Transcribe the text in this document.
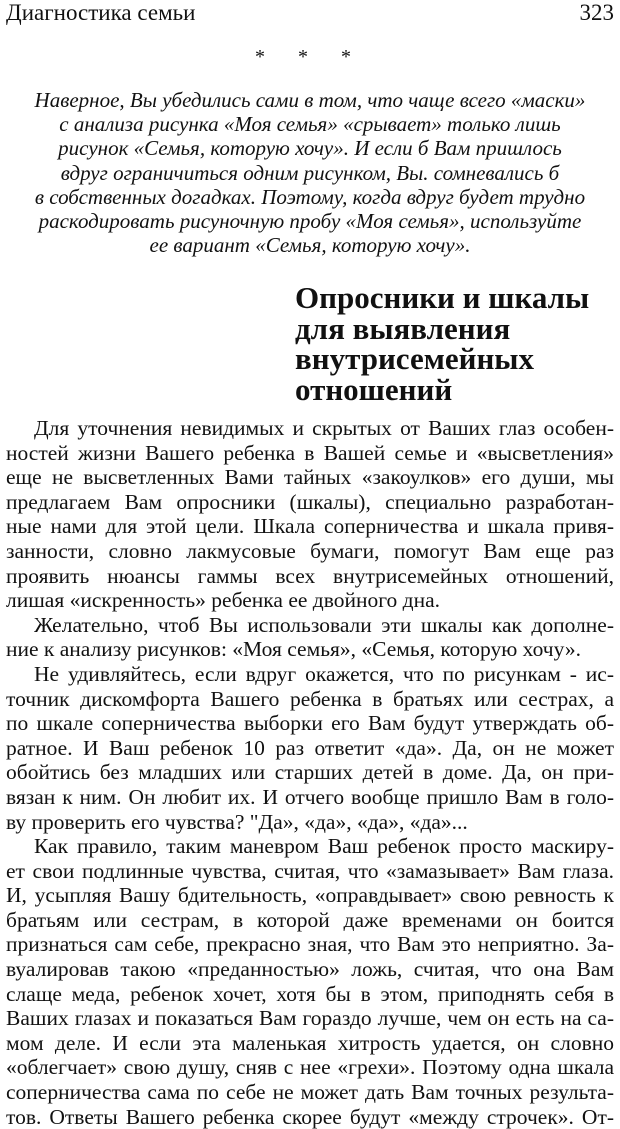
Диагностика семьи	323
* * *
Наверное, Вы убедились сами в том, что чаще всего «маски»
с анализа рисунка «Моя семья» «срывает» только лишь
рисунок «Семья, которую хочу». И если б Вам пришлось
вдруг ограничиться одним рисунком, Вы. сомневались б
в собственных догадках. Поэтому, когда вдруг будет трудно
раскодировать рисуночную пробу «Моя семья», используйте
ее вариант «Семья, которую хочу».
Опросники и шкалы
для выявления
внутрисемейных
отношений
Для уточнения невидимых и скрытых от Ваших глаз особен-
ностей жизни Вашего ребенка в Вашей семье и «высветления»
еще не высветленных Вами тайных «закоулков» его души, мы
предлагаем Вам опросники (шкалы), специально разработан-
ные нами для этой цели. Шкала соперничества и шкала привя-
занности, словно лакмусовые бумаги, помогут Вам еще раз
проявить нюансы гаммы всех внутрисемейных отношений,
лишая «искренность» ребенка ее двойного дна.
Желательно, чтоб Вы использовали эти шкалы как дополне-
ние к анализу рисунков: «Моя семья», «Семья, которую хочу».
Не удивляйтесь, если вдруг окажется, что по рисункам - ис-
точник дискомфорта Вашего ребенка в братьях или сестрах, а
по шкале соперничества выборки его Вам будут утверждать об-
ратное. И Ваш ребенок 10 раз ответит «да». Да, он не может
обойтись без младших или старших детей в доме. Да, он при-
вязан к ним. Он любит их. И отчего вообще пришло Вам в голо-
ву проверить его чувства? "Да», «да», «да», «да»...
Как правило, таким маневром Ваш ребенок просто маскиру-
ет свои подлинные чувства, считая, что «замазывает» Вам глаза.
И, усыпляя Вашу бдительность, «оправдывает» свою ревность к
братьям или сестрам, в которой даже временами он боится
признаться сам себе, прекрасно зная, что Вам это неприятно. За-
вуалировав такою «преданностью» ложь, считая, что она Вам
слаще меда, ребенок хочет, хотя бы в этом, приподнять себя в
Ваших глазах и показаться Вам гораздо лучше, чем он есть на са-
мом деле. И если эта маленькая хитрость удается, он словно
«облегчает» свою душу, сняв с нее «грехи». Поэтому одна шкала
соперничества сама по себе не может дать Вам точных результа-
тов. Ответы Вашего ребенка скорее будут «между строчек». От-
